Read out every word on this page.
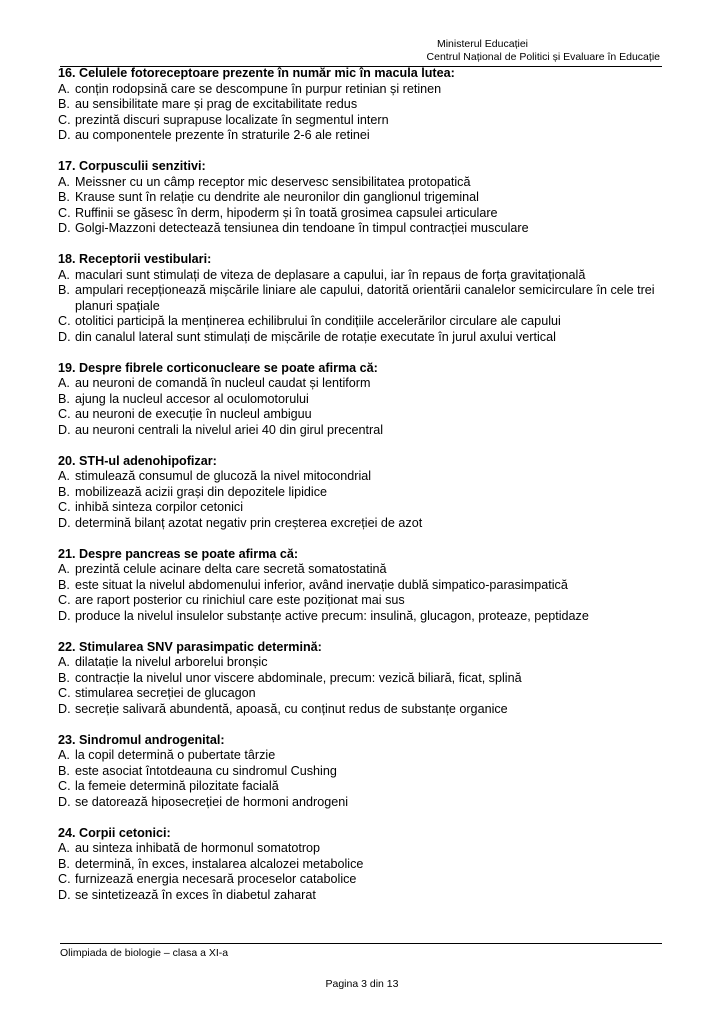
Ministerul Educației
Centrul Național de Politici și Evaluare în Educație
16. Celulele fotoreceptoare prezente în număr mic în macula lutea:
A. conțin rodopsină care se descompune în purpur retinian și retinen
B. au sensibilitate mare și prag de excitabilitate redus
C. prezintă discuri suprapuse localizate în segmentul intern
D. au componentele prezente în straturile 2-6 ale retinei
17. Corpusculii senzitivi:
A. Meissner cu un câmp receptor mic deservesc sensibilitatea protopatică
B. Krause sunt în relație cu dendrite ale neuronilor din ganglionul trigeminal
C. Ruffinii se găsesc în derm, hipoderm și în toată grosimea capsulei articulare
D. Golgi-Mazzoni detectează tensiunea din tendoane în timpul contracției musculare
18. Receptorii vestibulari:
A. maculari sunt stimulați de viteza de deplasare a capului, iar în repaus de forța gravitațională
B. ampulari recepționează mișcările liniare ale capului, datorită orientării canalelor semicirculare în cele trei planuri spațiale
C. otolitici participă la menținerea echilibrului în condițiile accelerărilor circulare ale capului
D. din canalul lateral sunt stimulați de mișcările de rotație executate în jurul axului vertical
19. Despre fibrele corticonucleare se poate afirma că:
A. au neuroni de comandă în nucleul caudat și lentiform
B. ajung la nucleul accesor al oculomotorului
C. au neuroni de execuție în nucleul ambiguu
D. au neuroni centrali la nivelul ariei 40 din girul precentral
20. STH-ul adenohipofizar:
A. stimulează consumul de glucoză la nivel mitocondrial
B. mobilizează acizii grași din depozitele lipidice
C. inhibă sinteza corpilor cetonici
D. determină bilanț azotat negativ prin creșterea excreției de azot
21. Despre pancreas se poate afirma că:
A. prezintă celule acinare delta care secretă somatostatină
B. este situat la nivelul abdomenului inferior, având inervație dublă simpatico-parasimpatică
C. are raport posterior cu rinichiul care este poziționat mai sus
D. produce la nivelul insulelor substanțe active precum: insulină, glucagon, proteaze, peptidaze
22. Stimularea SNV parasimpatic determină:
A. dilatație la nivelul arborelui bronșic
B. contracție la nivelul unor viscere abdominale, precum: vezică biliară, ficat, splină
C. stimularea secreției de glucagon
D. secreție salivară abundentă, apoasă, cu conținut redus de substanțe organice
23. Sindromul androgenital:
A. la copil determină o pubertate târzie
B. este asociat întotdeauna cu sindromul Cushing
C. la femeie determină pilozitate facială
D. se datorează hiposecreției de hormoni androgeni
24. Corpii cetonici:
A. au sinteza inhibată de hormonul somatotrop
B. determină, în exces, instalarea alcalozei metabolice
C. furnizează energia necesară proceselor catabolice
D. se sintetizează în exces în diabetul zaharat
Olimpiada de biologie – clasa a XI-a
Pagina 3 din 13
